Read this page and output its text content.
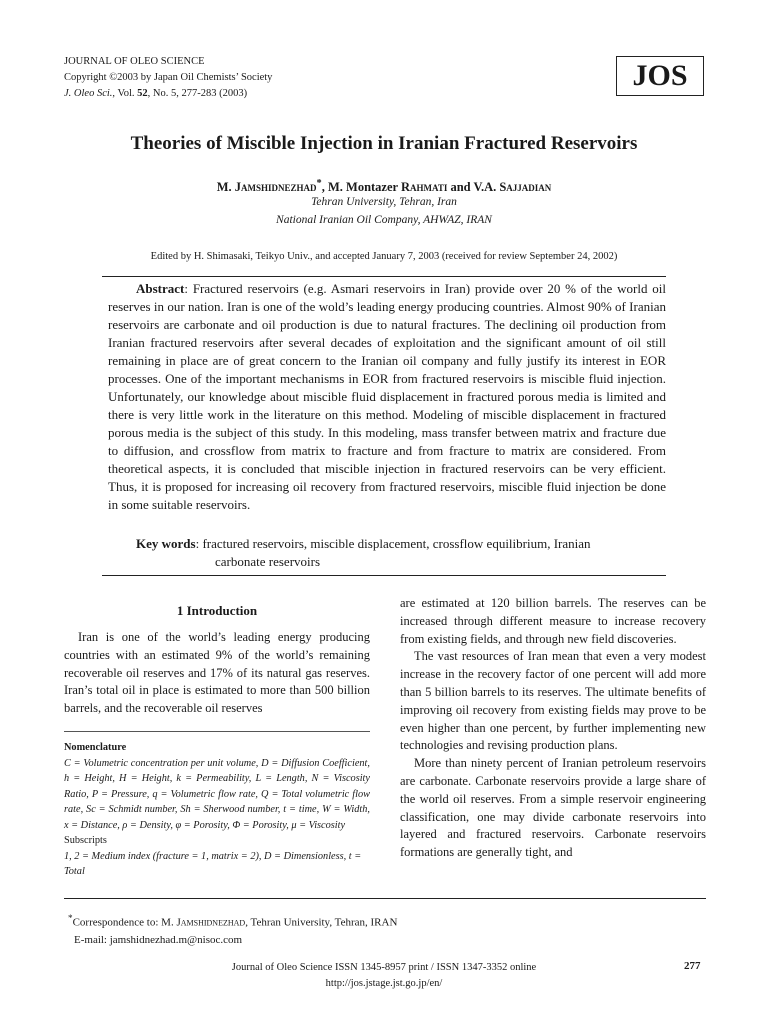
JOURNAL OF OLEO SCIENCE
Copyright ©2003 by Japan Oil Chemists’ Society
J. Oleo Sci., Vol. 52, No. 5, 277-283 (2003)
JOS
Theories of Miscible Injection in Iranian Fractured Reservoirs
M. Jamshidnezhad*, M. Montazer Rahmati and V.A. Sajjadian
Tehran University, Tehran, Iran
National Iranian Oil Company, AHWAZ, IRAN
Edited by H. Shimasaki, Teikyo Univ., and accepted January 7, 2003 (received for review September 24, 2002)
Abstract: Fractured reservoirs (e.g. Asmari reservoirs in Iran) provide over 20 % of the world oil reserves in our nation. Iran is one of the wold’s leading energy producing countries. Almost 90% of Iranian reservoirs are carbonate and oil production is due to natural fractures. The declining oil production from Iranian fractured reservoirs after several decades of exploitation and the significant amount of oil still remaining in place are of great concern to the Iranian oil company and fully justify its interest in EOR processes. One of the important mechanisms in EOR from fractured reservoirs is miscible fluid injection. Unfortunately, our knowledge about miscible fluid displacement in fractured porous media is limited and there is very little work in the literature on this method. Modeling of miscible displacement in fractured porous media is the subject of this study. In this modeling, mass transfer between matrix and fracture due to diffusion, and crossflow from matrix to fracture and from fracture to matrix are considered. From theoretical aspects, it is concluded that miscible injection in fractured reservoirs can be very efficient. Thus, it is proposed for increasing oil recovery from fractured reservoirs, miscible fluid injection be done in some suitable reservoirs.
Key words: fractured reservoirs, miscible displacement, crossflow equilibrium, Iranian
carbonate reservoirs
1 Introduction

Iran is one of the world’s leading energy producing countries with an estimated 9% of the world’s remaining recoverable oil reserves and 17% of its natural gas reserves. Iran’s total oil in place is estimated to more than 500 billion barrels, and the recoverable oil reserves

are estimated at 120 billion barrels. The reserves can be increased through different measure to increase recovery from existing fields, and through new field discoveries.

The vast resources of Iran mean that even a very modest increase in the recovery factor of one percent will add more than 5 billion barrels to its reserves. The ultimate benefits of improving oil recovery from existing fields may prove to be even higher than one percent, by further implementing new technologies and revising production plans.

More than ninety percent of Iranian petroleum reservoirs are carbonate. Carbonate reservoirs provide a large share of the world oil reserves. From a simple reservoir engineering classification, one may divide carbonate reservoirs into layered and fractured reservoirs. Carbonate reservoirs formations are generally tight, and

Nomenclature
C = Volumetric concentration per unit volume, D = Diffusion Coefficient, h = Height, H = Height, k = Permeability, L = Length, N = Viscosity Ratio, P = Pressure, q = Volumetric flow rate, Q = Total volumetric flow rate, Sc = Schmidt number, Sh = Sherwood number, t = time, W = Width, x = Distance, ρ = Density, φ = Porosity, Φ = Porosity, μ = Viscosity
Subscripts
1, 2 = Medium index (fracture = 1, matrix = 2), D = Dimensionless, t = Total
*Correspondence to: M. Jamshidnezhad, Tehran University, Tehran, IRAN
E-mail: jamshidnezhad.m@nisoc.com
Journal of Oleo Science ISSN 1345-8957 print / ISSN 1347-3352 online
http://jos.jstage.jst.go.jp/en/
277
